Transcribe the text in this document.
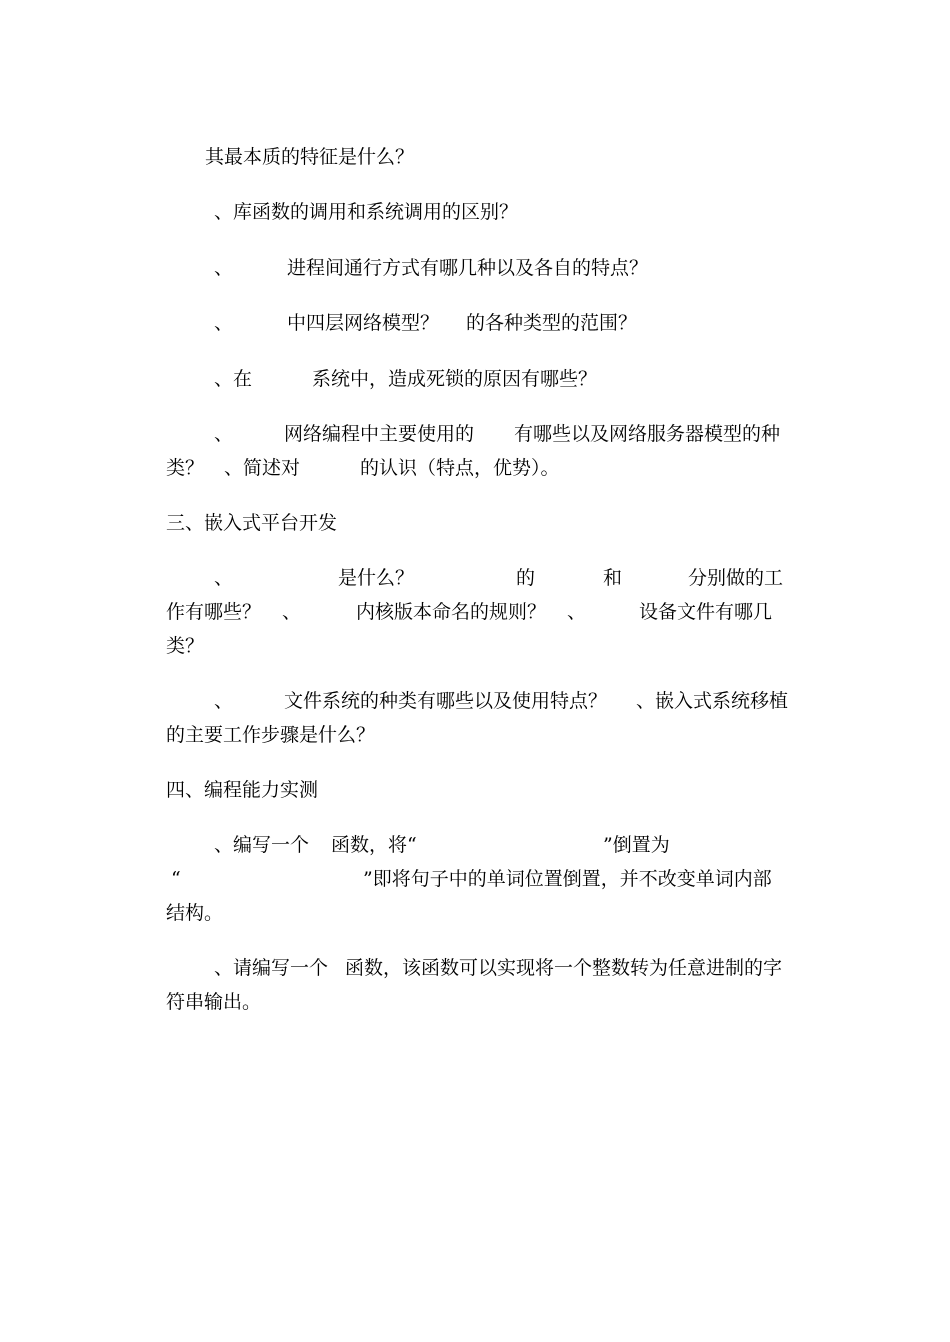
其最本质的特征是什么？

、库函数的调用和系统调用的区别？

、	进程间通行方式有哪几种以及各自的特点？

、	中四层网络模型？ 的各种类型的范围？

、在	系统中，造成死锁的原因有哪些？

、	网络编程中主要使用的 有哪些以及网络服务器模型的种

类？ 、简述对	的认识（特点，优势）。

三、嵌入式平台开发

、	是什么？	的	和	分别做的工

作有哪些？ 、	内核版本命名的规则？ 、	设备文件有哪几

类？

、	文件系统的种类有哪些以及使用特点？ 、嵌入式系统移植

的主要工作步骤是什么？

四、编程能力实测

、编写一个 函数，将“	”倒置为

“	”即将句子中的单词位置倒置，并不改变单词内部

结构。

、请编写一个 函数，该函数可以实现将一个整数转为任意进制的字

符串输出。
